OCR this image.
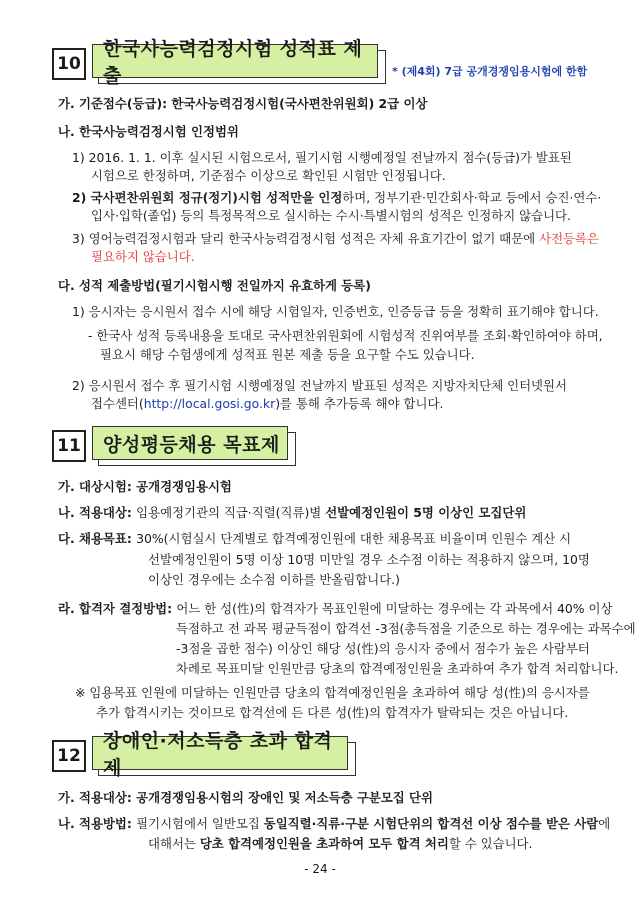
10
한국사능력검정시험 성적표 제출	* (제4회) 7급 공개경쟁임용시험에 한함
가. 기준점수(등급): 한국사능력검정시험(국사편찬위원회) 2급 이상
나. 한국사능력검정시험 인정범위
1) 2016. 1. 1. 이후 실시된 시험으로서, 필기시험 시행예정일 전날까지 점수(등급)가 발표된
시험으로 한정하며, 기준점수 이상으로 확인된 시험만 인정됩니다.
2) 국사편찬위원회 정규(정기)시험 성적만을 인정하며, 정부기관·민간회사·학교 등에서 승진·연수·
입사·입학(졸업) 등의 특정목적으로 실시하는 수시·특별시험의 성적은 인정하지 않습니다.
3) 영어능력검정시험과 달리 한국사능력검정시험 성적은 자체 유효기간이 없기 때문에 사전등록은
필요하지 않습니다.
다. 성적 제출방법(필기시험시행 전일까지 유효하게 등록)
1) 응시자는 응시원서 접수 시에 해당 시험일자, 인증번호, 인증등급 등을 정확히 표기해야 합니다.
- 한국사 성적 등록내용을 토대로 국사편찬위원회에 시험성적 진위여부를 조회·확인하여야 하며,
필요시 해당 수험생에게 성적표 원본 제출 등을 요구할 수도 있습니다.
2) 응시원서 접수 후 필기시험 시행예정일 전날까지 발표된 성적은 지방자치단체 인터넷원서
접수센터(http://local.gosi.go.kr)를 통해 추가등록 해야 합니다.
11	양성평등채용 목표제
가. 대상시험: 공개경쟁임용시험
나. 적용대상: 임용예정기관의 직급·직렬(직류)별 선발예정인원이 5명 이상인 모집단위
다. 채용목표: 30%(시험실시 단계별로 합격예정인원에 대한 채용목표 비율이며 인원수 계산 시
선발예정인원이 5명 이상 10명 미만일 경우 소수점 이하는 적용하지 않으며, 10명
이상인 경우에는 소수점 이하를 반올림합니다.)
라. 합격자 결정방법: 어느 한 성(性)의 합격자가 목표인원에 미달하는 경우에는 각 과목에서 40% 이상
득점하고 전 과목 평균득점이 합격선 -3점(총득점을 기준으로 하는 경우에는 과목수에
-3점을 곱한 점수) 이상인 해당 성(性)의 응시자 중에서 점수가 높은 사람부터
차례로 목표미달 인원만큼 당초의 합격예정인원을 초과하여 추가 합격 처리합니다.
※ 임용목표 인원에 미달하는 인원만큼 당초의 합격예정인원을 초과하여 해당 성(性)의 응시자를
추가 합격시키는 것이므로 합격선에 든 다른 성(性)의 합격자가 탈락되는 것은 아닙니다.
12
장애인·저소득층 초과 합격제
가. 적용대상: 공개경쟁임용시험의 장애인 및 저소득층 구분모집 단위
나. 적용방법: 필기시험에서 일반모집 동일직렬·직류·구분 시험단위의 합격선 이상 점수를 받은 사람에
대해서는 당초 합격예정인원을 초과하여 모두 합격 처리할 수 있습니다.
- 24 -
